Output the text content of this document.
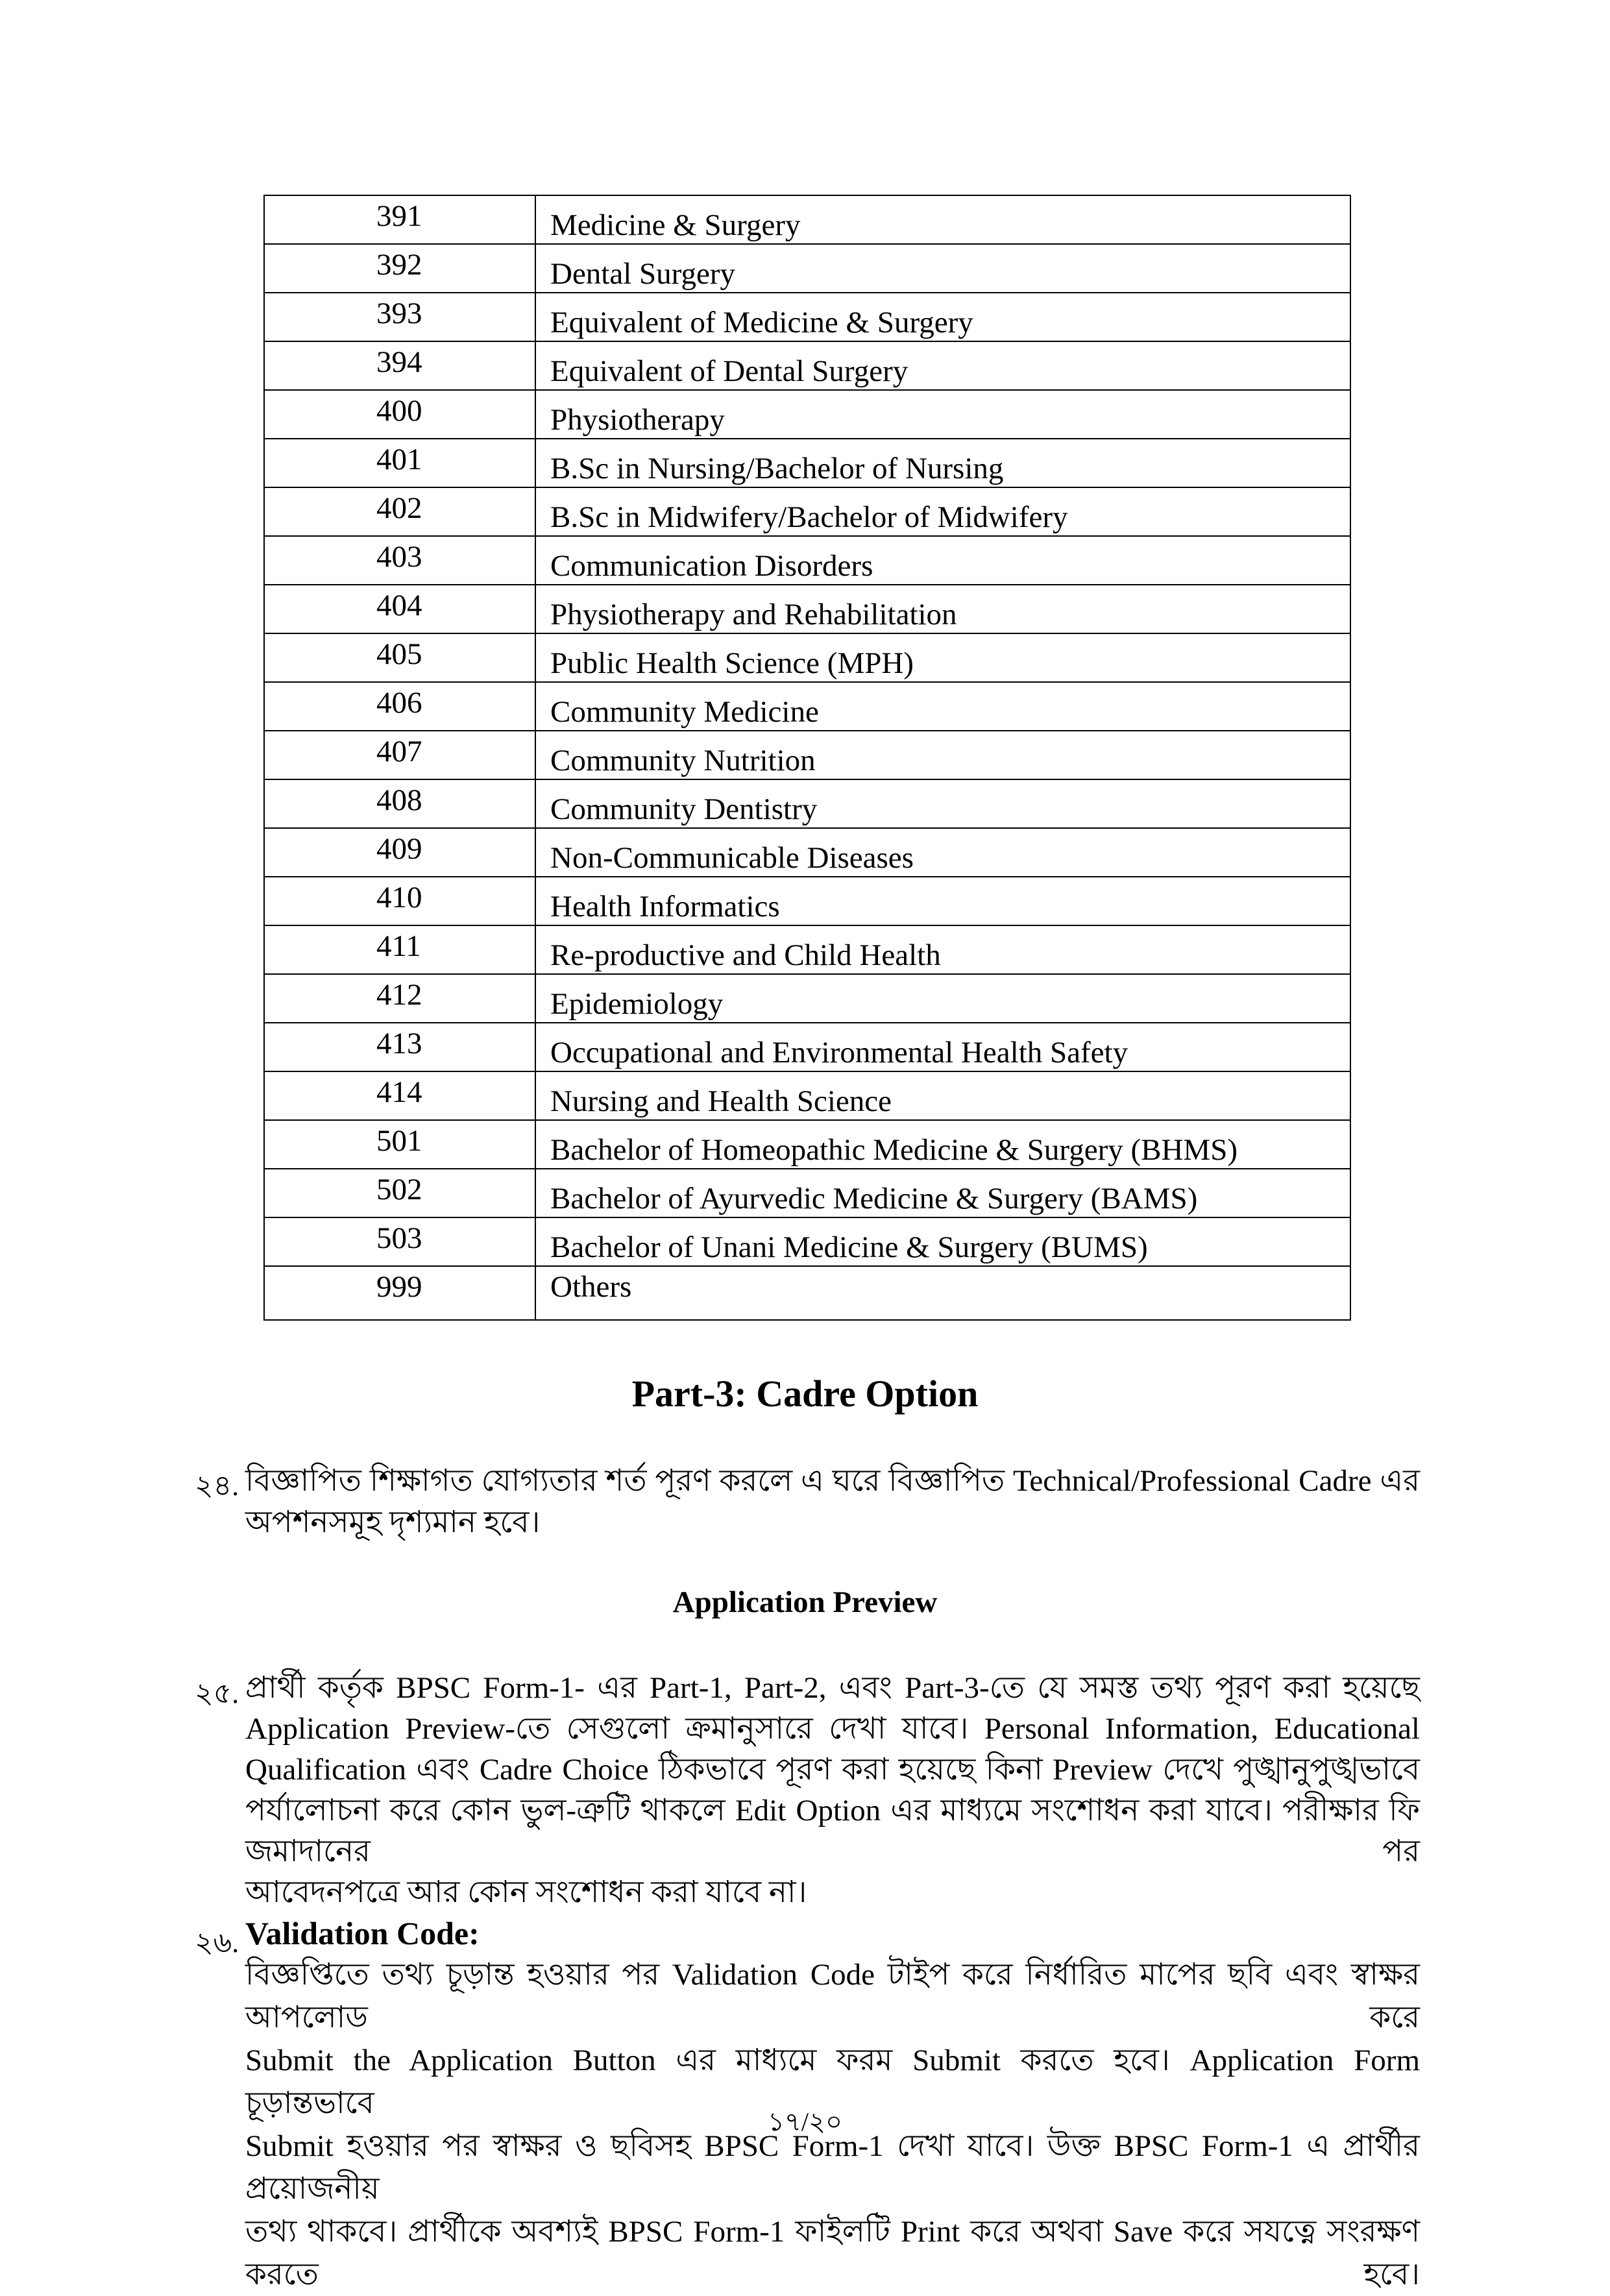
391	Medicine & Surgery
392	Dental Surgery
393	Equivalent of Medicine & Surgery
394	Equivalent of Dental Surgery
400	Physiotherapy
401	B.Sc in Nursing/Bachelor of Nursing
402	B.Sc in Midwifery/Bachelor of Midwifery
403	Communication Disorders
404	Physiotherapy and Rehabilitation
405	Public Health Science (MPH)
406	Community Medicine
407	Community Nutrition
408	Community Dentistry
409	Non-Communicable Diseases
410	Health Informatics
411	Re-productive and Child Health
412	Epidemiology
413	Occupational and Environmental Health Safety
414	Nursing and Health Science
501	Bachelor of Homeopathic Medicine & Surgery (BHMS)
502	Bachelor of Ayurvedic Medicine & Surgery (BAMS)
503	Bachelor of Unani Medicine & Surgery (BUMS)
999	Others
Part-3: Cadre Option
২৪. বিজ্ঞাপিত শিক্ষাগত যোগ্যতার শর্ত পূরণ করলে এ ঘরে বিজ্ঞাপিত Technical/Professional Cadre এর
অপশনসমূহ দৃশ্যমান হবে।
Application Preview
২৫. প্রার্থী কর্তৃক BPSC Form-1- এর Part-1, Part-2, এবং Part-3-তে যে সমস্ত তথ্য পূরণ করা হয়েছে
Application Preview-তে সেগুলো ক্রমানুসারে দেখা যাবে। Personal Information, Educational
Qualification এবং Cadre Choice ঠিকভাবে পূরণ করা হয়েছে কিনা Preview দেখে পুঙ্খানুপুঙ্খভাবে
পর্যালোচনা করে কোন ভুল-ত্রুটি থাকলে Edit Option এর মাধ্যমে সংশোধন করা যাবে। পরীক্ষার ফি জমাদানের পর
আবেদনপত্রে আর কোন সংশোধন করা যাবে না।
২৬. Validation Code:
বিজ্ঞপ্তিতে তথ্য চূড়ান্ত হওয়ার পর Validation Code টাইপ করে নির্ধারিত মাপের ছবি এবং স্বাক্ষর আপলোড করে
Submit the Application Button এর মাধ্যমে ফরম Submit করতে হবে। Application Form চূড়ান্তভাবে
Submit হওয়ার পর স্বাক্ষর ও ছবিসহ BPSC Form-1 দেখা যাবে। উক্ত BPSC Form-1 এ প্রার্থীর প্রয়োজনীয়
তথ্য থাকবে। প্রার্থীকে অবশ্যই BPSC Form-1 ফাইলটি Print করে অথবা Save করে সযত্নে সংরক্ষণ করতে হবে।
১৭/২০
